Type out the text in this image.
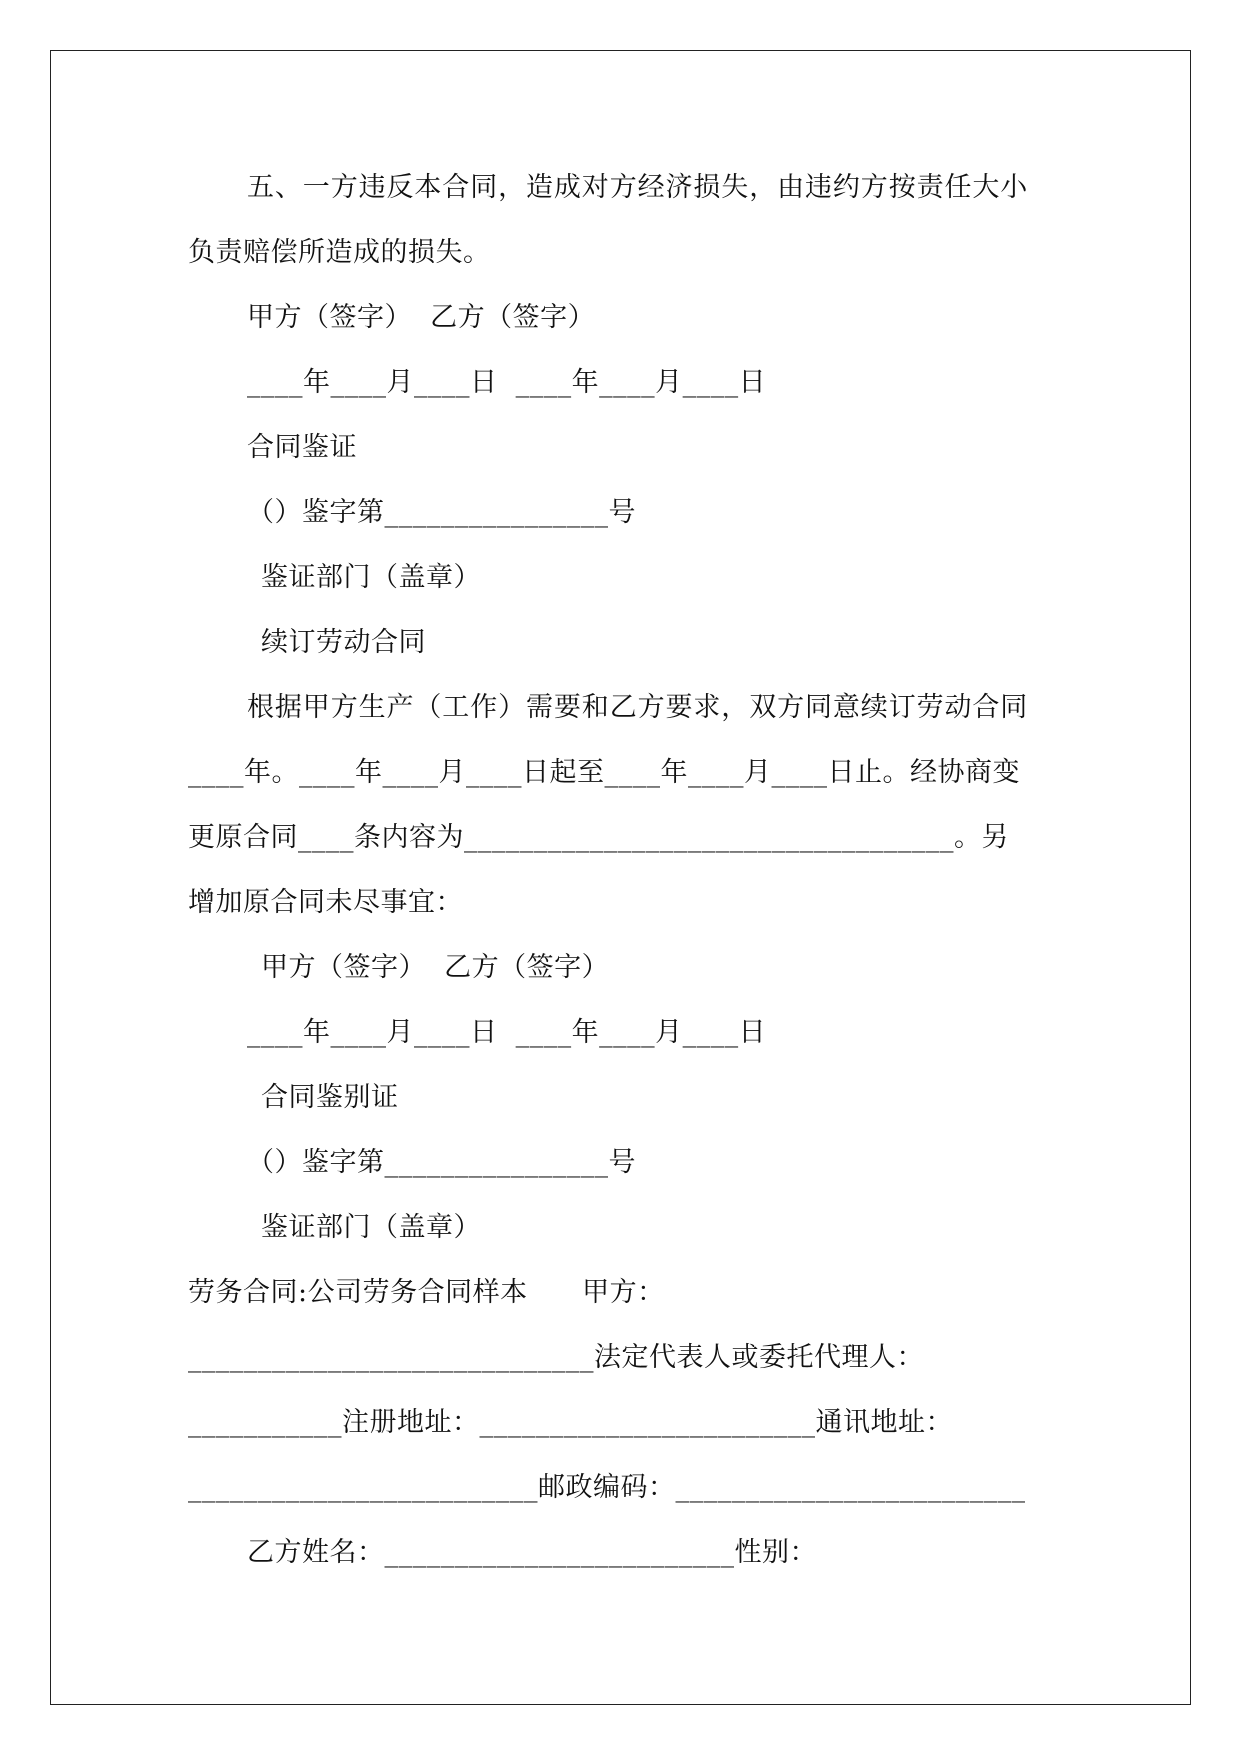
五、一方违反本合同，造成对方经济损失，由违约方按责任大小
负责赔偿所造成的损失。
甲方（签字）  乙方（签字）
____年____月____日  ____年____月____日
合同鉴证
（）鉴字第________________号
鉴证部门（盖章）
续订劳动合同
根据甲方生产（工作）需要和乙方要求，双方同意续订劳动合同
____年。____年____月____日起至____年____月____日止。经协商变
更原合同____条内容为___________________________________。另
增加原合同未尽事宜：
甲方（签字）  乙方（签字）
____年____月____日  ____年____月____日
合同鉴别证
（）鉴字第________________号
鉴证部门（盖章）
劳务合同:公司劳务合同样本      甲方：
_____________________________法定代表人或委托代理人：
___________注册地址：________________________通讯地址：
_________________________邮政编码：_________________________
乙方姓名：_________________________性别：
